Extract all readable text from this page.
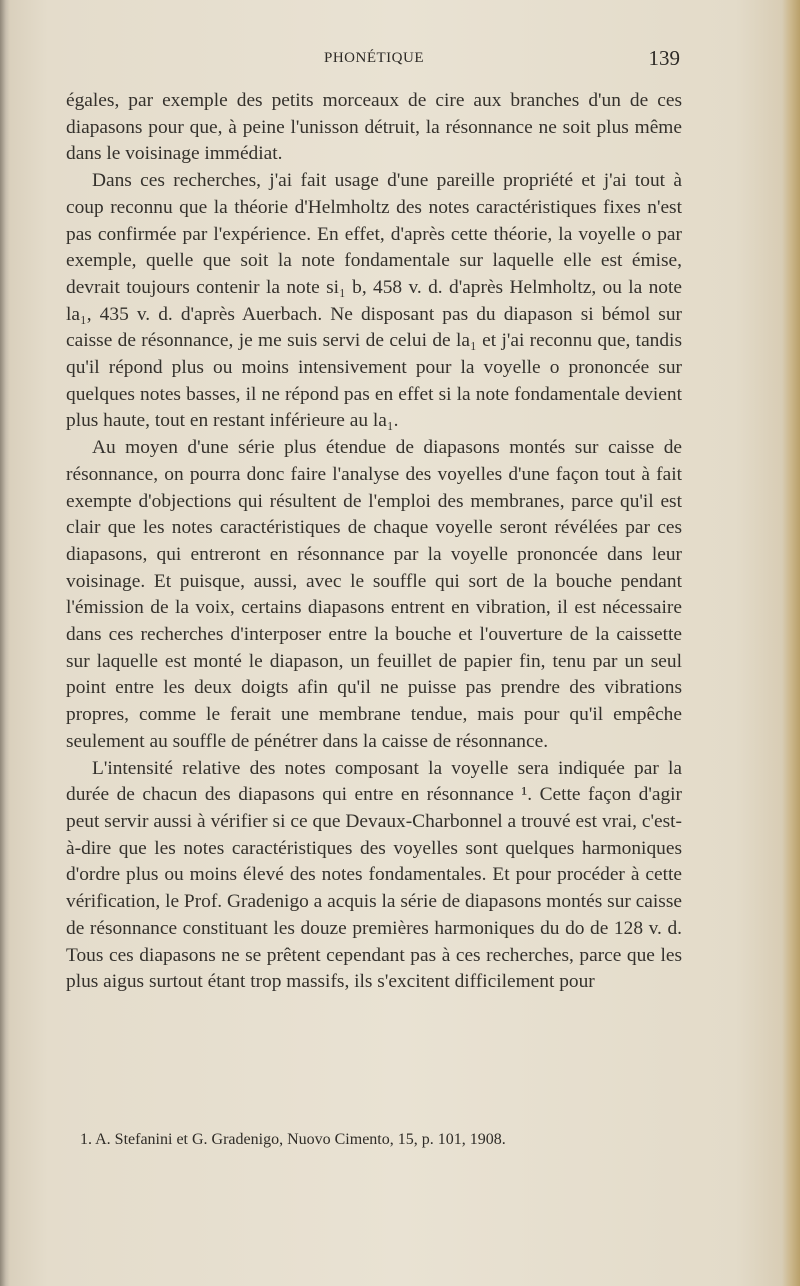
PHONÉTIQUE	139

égales, par exemple des petits morceaux de cire aux branches d'un de ces diapasons pour que, à peine l'unisson détruit, la résonnance ne soit plus même dans le voisinage immédiat.

Dans ces recherches, j'ai fait usage d'une pareille propriété et j'ai tout à coup reconnu que la théorie d'Helmholtz des notes caractéristiques fixes n'est pas confirmée par l'expérience. En effet, d'après cette théorie, la voyelle o par exemple, quelle que soit la note fondamentale sur laquelle elle est émise, devrait toujours contenir la note si₁ b, 458 v. d. d'après Helmholtz, ou la note la₁, 435 v. d. d'après Auerbach. Ne disposant pas du diapason si bémol sur caisse de résonnance, je me suis servi de celui de la₁ et j'ai reconnu que, tandis qu'il répond plus ou moins intensivement pour la voyelle o prononcée sur quelques notes basses, il ne répond pas en effet si la note fondamentale devient plus haute, tout en restant inférieure au la₁.

Au moyen d'une série plus étendue de diapasons montés sur caisse de résonnance, on pourra donc faire l'analyse des voyelles d'une façon tout à fait exempte d'objections qui résultent de l'emploi des membranes, parce qu'il est clair que les notes caractéristiques de chaque voyelle seront révélées par ces diapasons, qui entreront en résonnance par la voyelle prononcée dans leur voisinage. Et puisque, aussi, avec le souffle qui sort de la bouche pendant l'émission de la voix, certains diapasons entrent en vibration, il est nécessaire dans ces recherches d'interposer entre la bouche et l'ouverture de la caissette sur laquelle est monté le diapason, un feuillet de papier fin, tenu par un seul point entre les deux doigts afin qu'il ne puisse pas prendre des vibrations propres, comme le ferait une membrane tendue, mais pour qu'il empêche seulement au souffle de pénétrer dans la caisse de résonnance.

L'intensité relative des notes composant la voyelle sera indiquée par la durée de chacun des diapasons qui entre en résonnance ¹. Cette façon d'agir peut servir aussi à vérifier si ce que Devaux-Charbonnel a trouvé est vrai, c'est-à-dire que les notes caractéristiques des voyelles sont quelques harmoniques d'ordre plus ou moins élevé des notes fondamentales. Et pour procéder à cette vérification, le Prof. Gradenigo a acquis la série de diapasons montés sur caisse de résonnance constituant les douze premières harmoniques du do de 128 v. d. Tous ces diapasons ne se prêtent cependant pas à ces recherches, parce que les plus aigus surtout étant trop massifs, ils s'excitent difficilement pour

1. A. Stefanini et G. Gradenigo, Nuovo Cimento, 15, p. 101, 1908.
